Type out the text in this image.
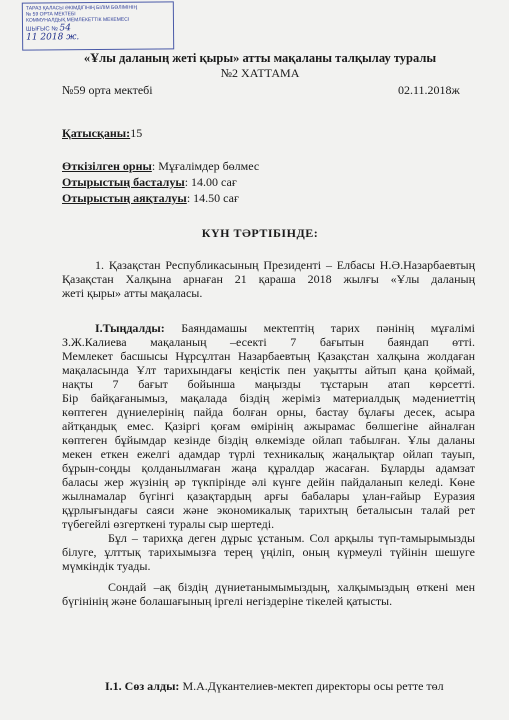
ТАРАЗ ҚАЛАСЫ ӘКІМДІГІНІҢ БІЛІМ БӨЛІМІНІҢ
№ 59 ОРТА МЕКТЕБІ
КОММУНАЛДЫҚ МЕМЛЕКЕТТІК МЕКЕМЕСІ
ШЫҒЫС № 54
11 2018 ж.
«Ұлы даланың жеті қыры» атты мақаланы талқылау туралы
№2 ХАТТАМА
№59 орта мектебі	02.11.2018ж
Қатысқаны:15
Өткізілген орны: Мұғалімдер бөлмес
Отырыстың басталуы: 14.00 сағ
Отырыстың аяқталуы: 14.50 сағ
КҮН ТӘРТІБІНДЕ:
1. Қазақстан Республикасының Президенті – Елбасы Н.Ә.Назарбаевтың
Қазақстан Халқына арнаған 21 қараша 2018 жылғы «Ұлы даланың
жеті қыры» атты мақаласы.
I.Тыңдалды: Баяндамашы мектептің тарих пәнінің мұғалімі
З.Ж.Калиева мақаланың –есекті 7 бағытын баяндап өтті.
Мемлекет басшысы Нұрсұлтан Назарбаевтың Қазақстан халқына жолдаған
мақаласында Ұлт тарихындағы кеңістік пен уақытты айтып қана қоймай,
нақты 7 бағыт бойынша маңызды тұстарын атап көрсетті.
Бір байқағанымыз, мақалада біздің жеріміз материалдық мәдениеттің
көптеген дүниелерінің пайда болған орны, бастау бұлағы десек, асыра
айтқандық емес. Қазіргі қоғам өмірінің ажырамас бөлшегіне айналған
көптеген бұйымдар кезінде біздің өлкемізде ойлап табылған. Ұлы даланы
мекен еткен ежелгі адамдар түрлі техникалық жаңалықтар ойлап тауып,
бұрын-соңды қолданылмаған жаңа құралдар жасаған. Бұларды адамзат
баласы жер жүзінің әр түкпірінде әлі күнге дейін пайдаланып келеді. Көне
жылнамалар бүгінгі қазақтардың арғы бабалары ұлан-ғайыр Еуразия
құрлығындағы саяси және экономикалық тарихтың беталысын талай рет
түбегейлі өзгерткені туралы сыр шертеді.
Бұл – тарихқа деген дұрыс ұстаным. Сол арқылы түп-тамырымызды
білуге, ұлттық тарихымызға терең үңіліп, оның күрмеулі түйінін шешуге
мүмкіндік туады.
Сондай –ақ біздің дүниетанымымыздың, халқымыздың өткені мен
бүгінінің және болашағының іргелі негіздеріне тікелей қатысты.
I.1. Сөз алды: М.А.Дүкантелиев-мектеп директоры осы ретте төл
